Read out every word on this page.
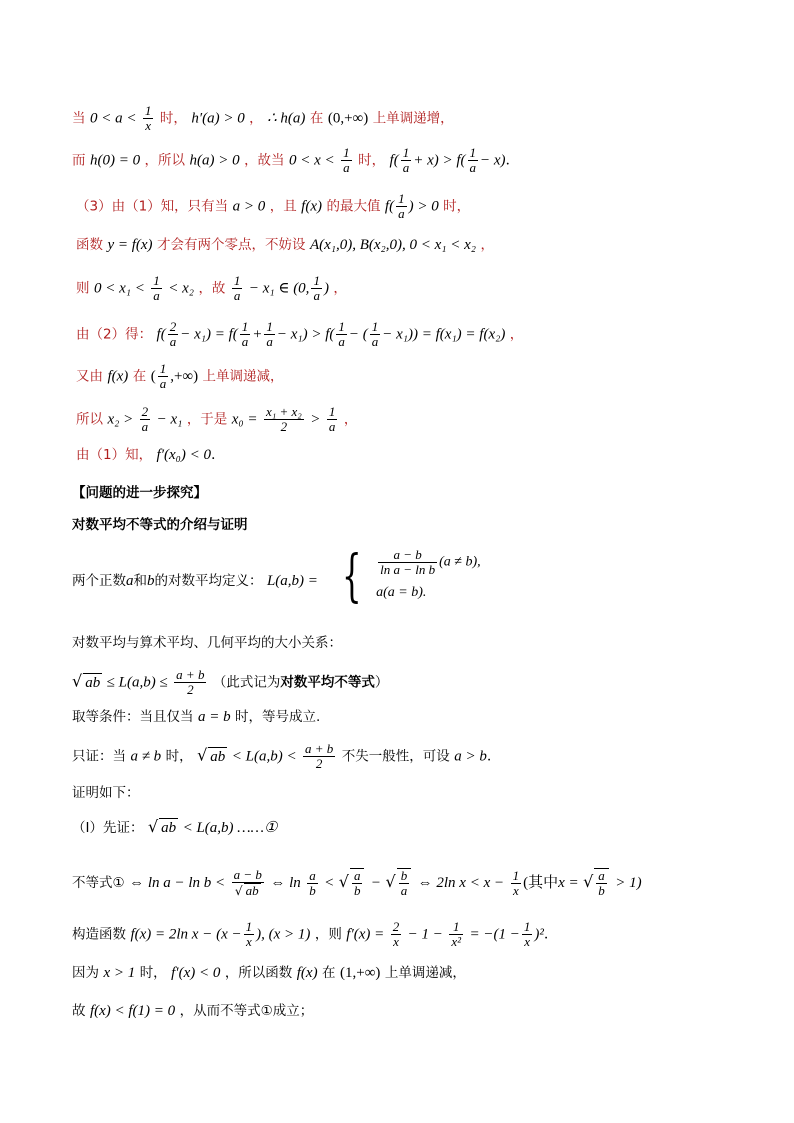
当 $0 < a < \frac{1}{x}$ 时， h′(a) > 0 ， ∴ h(a) 在 (0,+∞) 上单调递增，
而 h(0) = 0 ，所以 h(a) > 0 ，故当 $0 < x < \frac{1}{a}$ 时， $f( \frac{1}{a} + x) > f( \frac{1}{a} - x)$.
（3）由（1）知，只有当 a > 0 ，且 f(x) 的最大值 $f( \frac{1}{a}$ ) > 0 时，
函数 y = f(x) 才会有两个零点，不妨设 A(x₁,0), B(x₂,0), 0 < x₁ < x₂ ，
则 $0 < x_1 < \frac{1}{a} < x_2$ ，故 $\frac{1}{a} - x_1$ ∈ (0, $\frac{1}{a}$ ) ，
由（2）得： $f( \frac{2}{a} - x_1) = f( \frac{1}{a} + \frac{1}{a} - x_1) > f( \frac{1}{a}$ − ( $\frac{1}{a} - x_1)) = f(x_1) = f(x_2)$ ，
又由 f(x) 在 ( $\frac{1}{a}$ ,+∞) 上单调递减，
所以 $x_2 > \frac{2}{a} - x_1$ ，于是 $x_0 = \frac{\text{x₁ + x₂}}{2} > \frac{1}{a}$ ，
由（1）知， f′(x₀) < 0.
【问题的进一步探究】
对数平均不等式的介绍与证明
两个正数a和b的对数平均定义： L(a,b) = { $\frac{a - b}{\text{ln a − ln b}} (a \ne b)$,
a(a = b).
对数平均与算术平均、几何平均的大小关系：
√ ab ≤ $L(a,b) \le \frac{a + b}{2}$ （此式记为对数平均不等式）
取等条件：当且仅当 a = b 时，等号成立.
只证：当 a ≠ b 时， √ ab < $L(a,b) < \frac{a + b}{2}$ 不失一般性，可设 a > b.
证明如下：
（I）先证： √ ab < L(a,b) ……①
不等式① ⇔ $\ln a - \ln b < \frac{a - b}{√ ab}$ ⇔ $\ln \frac{a}{b}$ < √ $\frac{a}{b}$ − √ $\frac{b}{a}$ ⇔ 2ln $x < x - \frac{1}{x}$ (其中x = √ $\frac{a}{b} > 1$)
构造函数 f(x) = 2ln $x - (x - \frac{1}{x}$ ), (x > 1) ，则 $f'(x) = \frac{2}{x} - 1 - \frac{1}{\text{x²}} = -(1 - \frac{1}{x} )^2$.
因为 x > 1 时， f′(x) < 0 ，所以函数 f(x) 在 (1,+∞) 上单调递减，
故 f(x) < f(1) = 0 ，从而不等式①成立；
